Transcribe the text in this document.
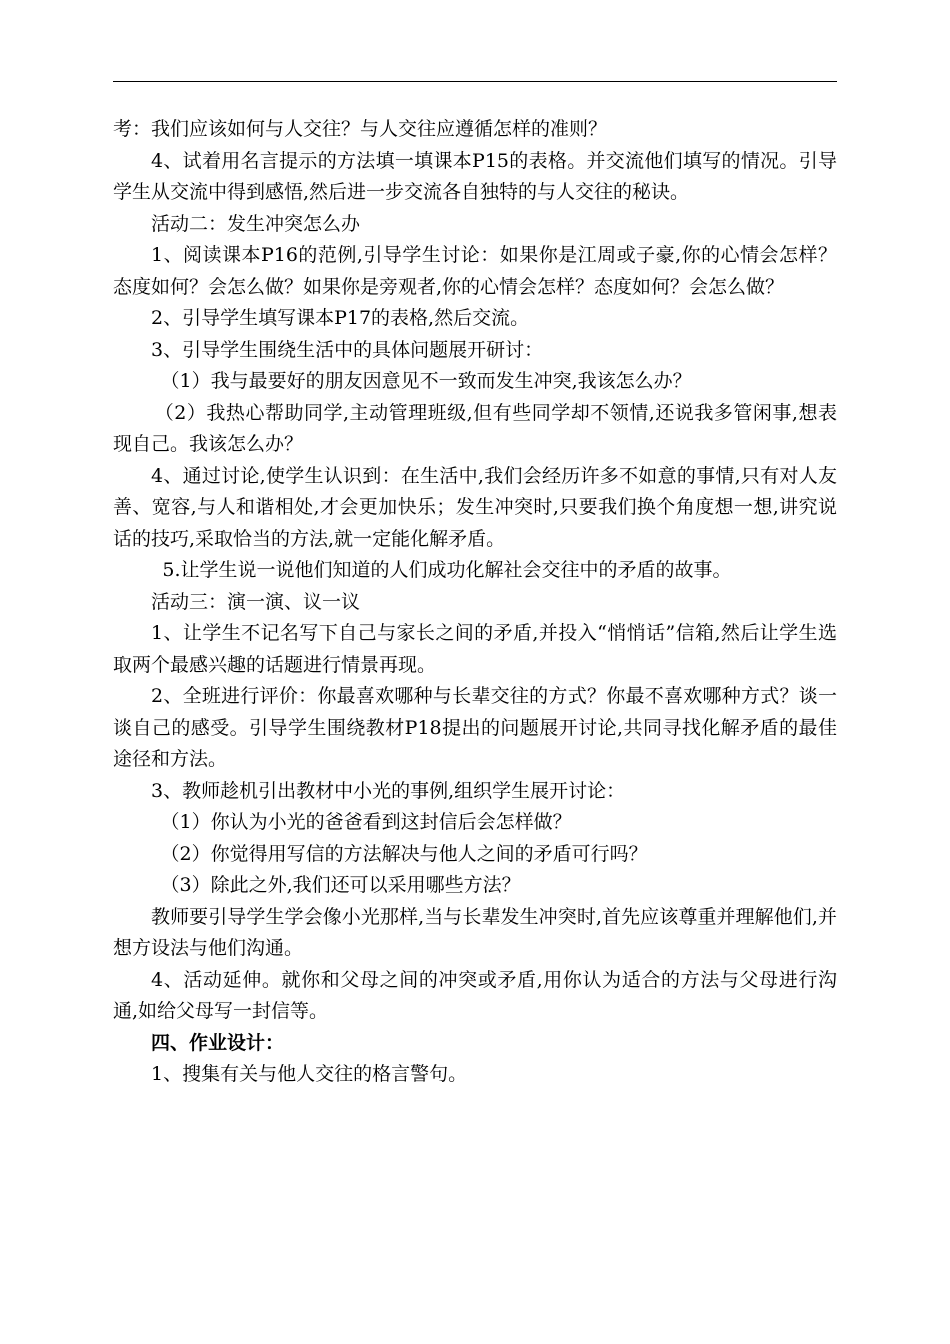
考：我们应该如何与人交往？与人交往应遵循怎样的准则？

4、试着用名言提示的方法填一填课本P15的表格。并交流他们填写的情况。引导学生从交流中得到感悟,然后进一步交流各自独特的与人交往的秘诀。

活动二：发生冲突怎么办

1、阅读课本P16的范例,引导学生讨论：如果你是江周或子豪,你的心情会怎样？态度如何？会怎么做？如果你是旁观者,你的心情会怎样？态度如何？会怎么做？

2、引导学生填写课本P17的表格,然后交流。

3、引导学生围绕生活中的具体问题展开研讨：

（1）我与最要好的朋友因意见不一致而发生冲突,我该怎么办？

（2）我热心帮助同学,主动管理班级,但有些同学却不领情,还说我多管闲事,想表现自己。我该怎么办？

4、通过讨论,使学生认识到：在生活中,我们会经历许多不如意的事情,只有对人友善、宽容,与人和谐相处,才会更加快乐；发生冲突时,只要我们换个角度想一想,讲究说话的技巧,采取恰当的方法,就一定能化解矛盾。

5.让学生说一说他们知道的人们成功化解社会交往中的矛盾的故事。

活动三：演一演、议一议

1、让学生不记名写下自己与家长之间的矛盾,并投入“悄悄话”信箱,然后让学生选取两个最感兴趣的话题进行情景再现。

2、全班进行评价：你最喜欢哪种与长辈交往的方式？你最不喜欢哪种方式？谈一谈自己的感受。引导学生围绕教材P18提出的问题展开讨论,共同寻找化解矛盾的最佳途径和方法。

3、教师趁机引出教材中小光的事例,组织学生展开讨论：

（1）你认为小光的爸爸看到这封信后会怎样做？

（2）你觉得用写信的方法解决与他人之间的矛盾可行吗？

（3）除此之外,我们还可以采用哪些方法？

教师要引导学生学会像小光那样,当与长辈发生冲突时,首先应该尊重并理解他们,并想方设法与他们沟通。

4、活动延伸。就你和父母之间的冲突或矛盾,用你认为适合的方法与父母进行沟通,如给父母写一封信等。

四、作业设计：

1、搜集有关与他人交往的格言警句。
